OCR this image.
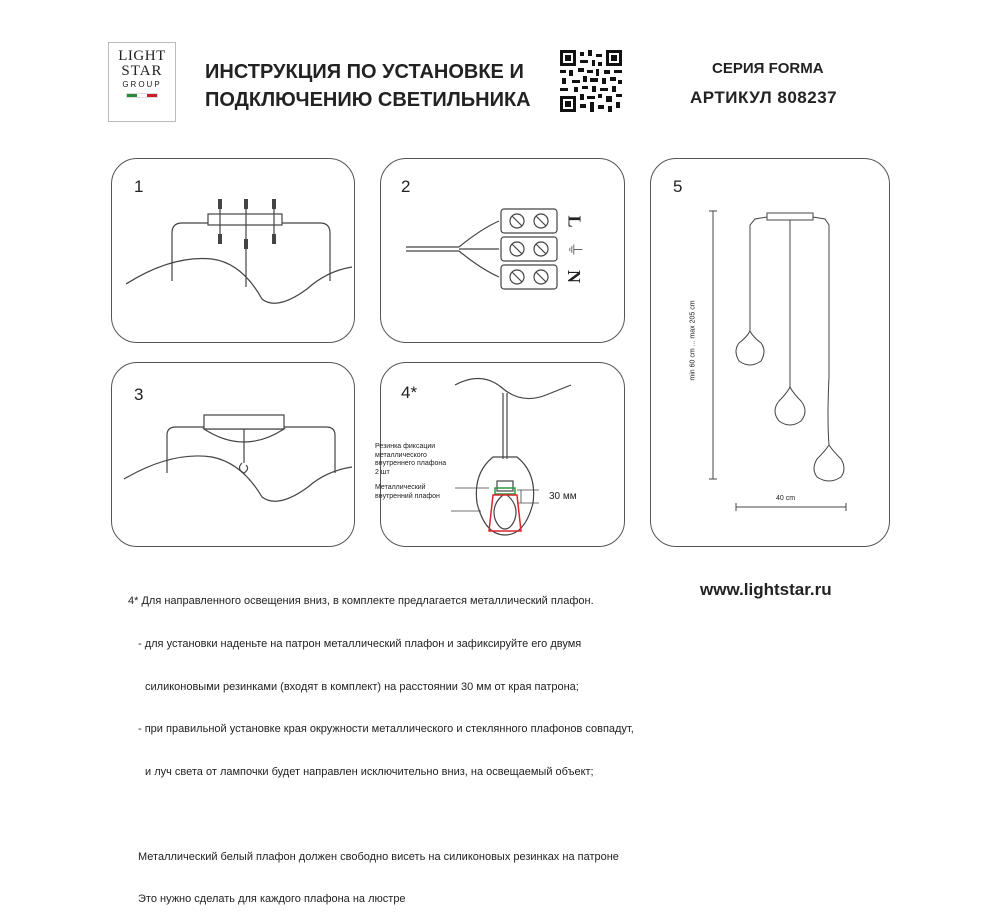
LIGHT
STAR
GROUP
ИНСТРУКЦИЯ ПО УСТАНОВКЕ И
ПОДКЛЮЧЕНИЮ СВЕТИЛЬНИКА
СЕРИЯ FORMA
АРТИКУЛ 808237
1	2
L
⏚
N
3	4*
Резинка фиксации
металлического
внутреннего плафона
2 шт
Металлический
внутренний плафон	30 мм
5
min 60 cm ... max 205 cm
40 cm

4* Для направленного освещения вниз, в комплекте предлагается металлический плафон.

- для установки наденьте на патрон металлический плафон и зафиксируйте его двумя

силиконовыми резинками (входят в комплект) на расстоянии 30 мм от края патрона;

- при правильной установке края окружности металлического и стеклянного плафонов совпадут,

и луч света от лампочки будет направлен исключительно вниз, на освещаемый объект;

Металлический белый плафон должен свободно висеть на силиконовых резинках на патроне

Это нужно сделать для каждого плафона на люстре

www.lightstar.ru
